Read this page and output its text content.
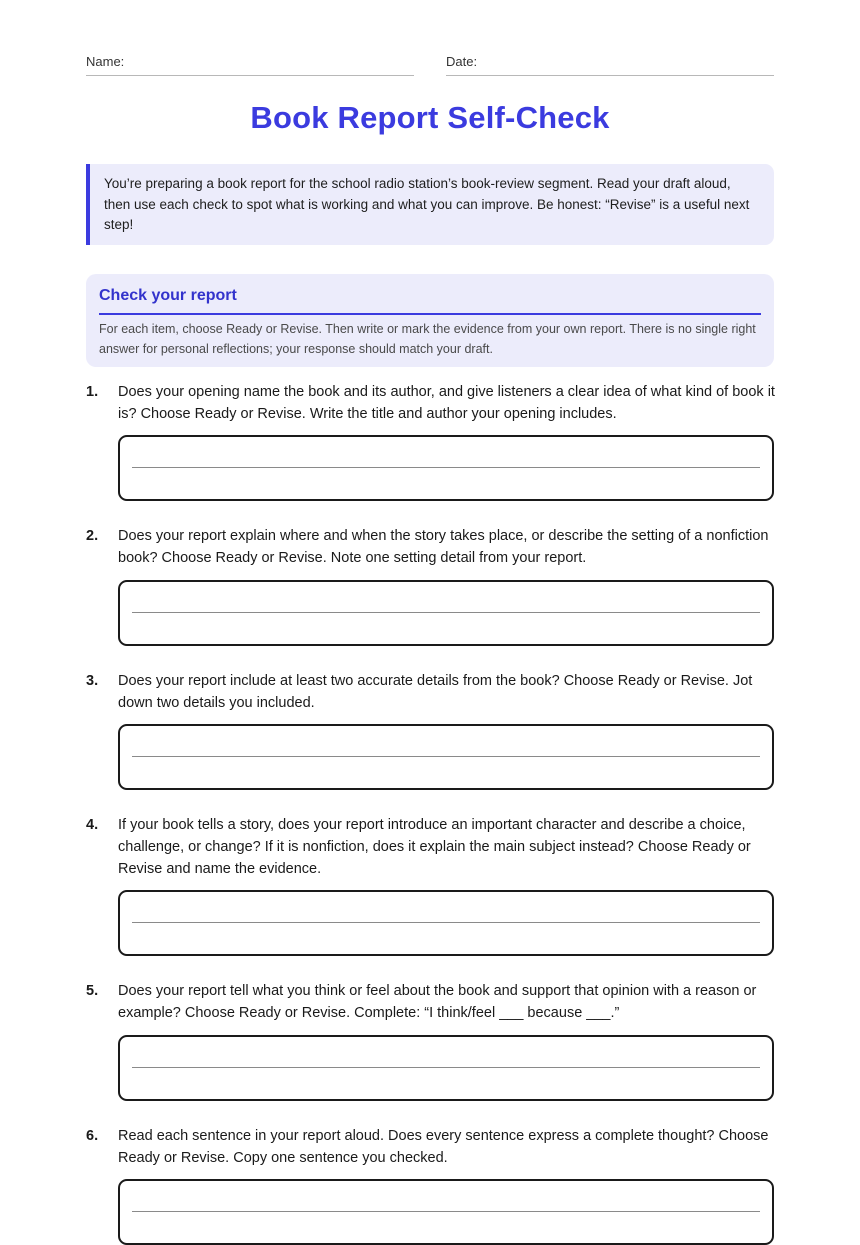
Name:	Date:
Book Report Self-Check
You’re preparing a book report for the school radio station’s book-review segment. Read your draft aloud, then use each check to spot what is working and what you can improve. Be honest: “Revise” is a useful next step!
Check your report
For each item, choose Ready or Revise. Then write or mark the evidence from your own report. There is no single right answer for personal reflections; your response should match your draft.
1. Does your opening name the book and its author, and give listeners a clear idea of what kind of book it is? Choose Ready or Revise. Write the title and author your opening includes.
2. Does your report explain where and when the story takes place, or describe the setting of a nonfiction book? Choose Ready or Revise. Note one setting detail from your report.
3. Does your report include at least two accurate details from the book? Choose Ready or Revise. Jot down two details you included.
4. If your book tells a story, does your report introduce an important character and describe a choice, challenge, or change? If it is nonfiction, does it explain the main subject instead? Choose Ready or Revise and name the evidence.
5. Does your report tell what you think or feel about the book and support that opinion with a reason or example? Choose Ready or Revise. Complete: “I think/feel ___ because ___.”
6. Read each sentence in your report aloud. Does every sentence express a complete thought? Choose Ready or Revise. Copy one sentence you checked.
